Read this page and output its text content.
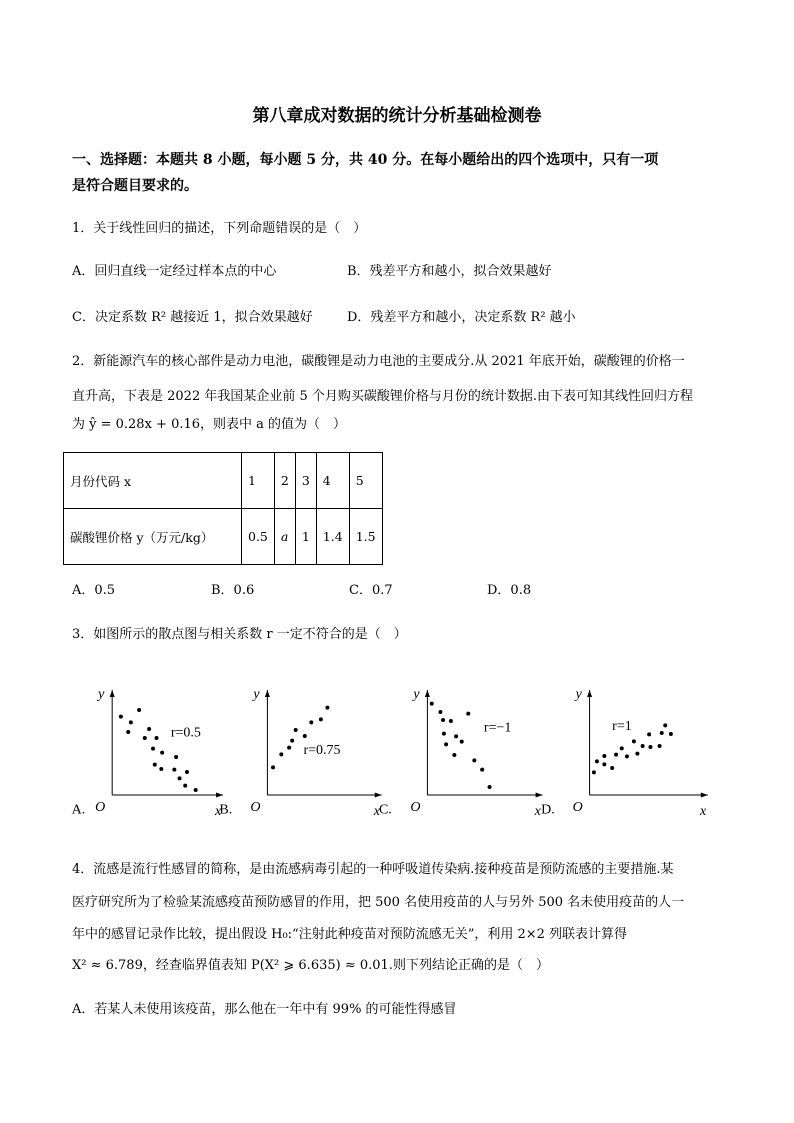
第八章成对数据的统计分析基础检测卷
一、选择题：本题共 8 小题，每小题 5 分，共 40 分。在每小题给出的四个选项中，只有一项
是符合题目要求的。
1．关于线性回归的描述，下列命题错误的是（　）
A．回归直线一定经过样本点的中心	B．残差平方和越小，拟合效果越好
C．决定系数 R² 越接近 1，拟合效果越好	D．残差平方和越小，决定系数 R² 越小
2．新能源汽车的核心部件是动力电池，碳酸锂是动力电池的主要成分.从 2021 年底开始，碳酸锂的价格一
直升高，下表是 2022 年我国某企业前 5 个月购买碳酸锂价格与月份的统计数据.由下表可知其线性回归方程
为 ŷ = 0.28x + 0.16，则表中 a 的值为（　）
月份代码 x	1	2	3	4	5
碳酸锂价格 y（万元/kg）	0.5	a	1	1.4	1.5
A．0.5	B．0.6	C．0.7	D．0.8
3．如图所示的散点图与相关系数 r 一定不符合的是（　）
y
x
O
A.
r=0.5
y
x
O
B.
r=0.75
y
x
O
C.
r=−1
y
x
O
D.
r=1
4．流感是流行性感冒的简称，是由流感病毒引起的一种呼吸道传染病.接种疫苗是预防流感的主要措施.某
医疗研究所为了检验某流感疫苗预防感冒的作用，把 500 名使用疫苗的人与另外 500 名未使用疫苗的人一
年中的感冒记录作比较，提出假设 H₀:“注射此种疫苗对预防流感无关”，利用 2×2 列联表计算得
X² ≈ 6.789，经查临界值表知 P(X² ⩾ 6.635) ≈ 0.01.则下列结论正确的是（　）
A．若某人未使用该疫苗，那么他在一年中有 99% 的可能性得感冒
